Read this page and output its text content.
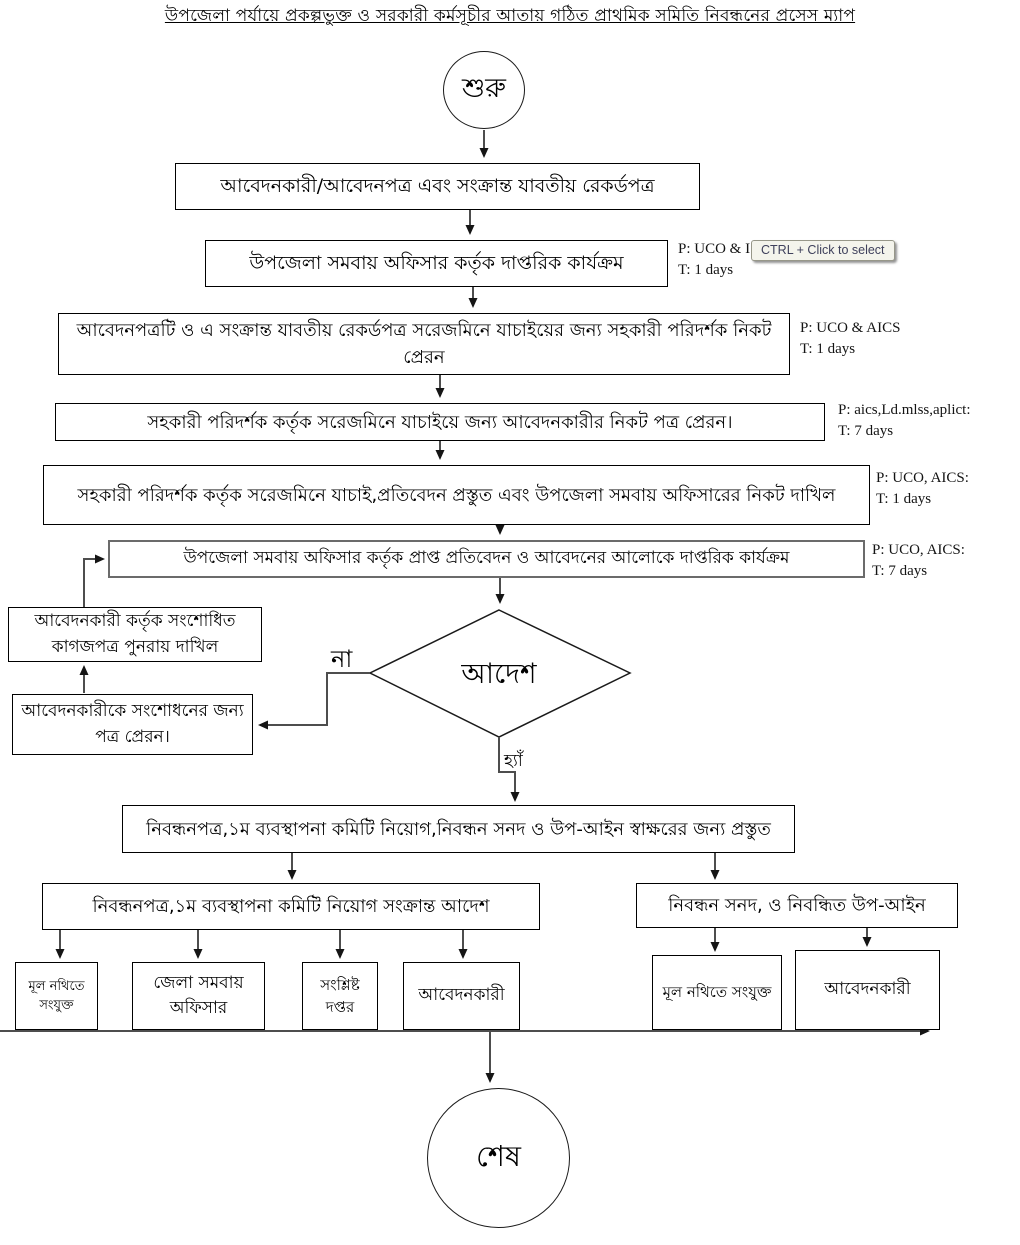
উপজেলা পর্যায়ে প্রকল্পভুক্ত ও সরকারী কর্মসূচীর আতায় গঠিত প্রাথমিক সমিতি নিবন্ধনের প্রসেস ম্যাপ
শুরু
আবেদনকারী/আবেদনপত্র এবং সংক্রান্ত যাবতীয় রেকর্ডপত্র
উপজেলা সমবায় অফিসার কর্তৃক দাপ্তরিক কার্যক্রম
P: UCO & I
T: 1 days
CTRL + Click to select
আবেদনপত্রটি ও এ সংক্রান্ত যাবতীয় রেকর্ডপত্র সরেজমিনে যাচাইয়ের জন্য সহকারী পরিদর্শক নিকট প্রেরন
P: UCO & AICS
T: 1 days
সহকারী পরিদর্শক কর্তৃক সরেজমিনে যাচাইয়ে জন্য আবেদনকারীর নিকট পত্র প্রেরন।
P: aics,Ld.mlss,aplict:
T: 7 days
সহকারী পরিদর্শক কর্তৃক সরেজমিনে যাচাই,প্রতিবেদন প্রস্তুত এবং উপজেলা সমবায় অফিসারের নিকট দাখিল
P: UCO, AICS:
T: 1 days
উপজেলা সমবায় অফিসার কর্তৃক প্রাপ্ত প্রতিবেদন ও আবেদনের আলোকে দাপ্তরিক কার্যক্রম	P: UCO, AICS:
T: 7 days
আবেদনকারী কর্তৃক সংশোধিত কাগজপত্র পুনরায় দাখিল
আবেদনকারীকে সংশোধনের জন্য পত্র প্রেরন।
আদেশ
না
হ্যাঁ
নিবন্ধনপত্র,১ম ব্যবস্থাপনা কমিটি নিয়োগ,নিবন্ধন সনদ ও উপ-আইন স্বাক্ষরের জন্য প্রস্তুত
নিবন্ধনপত্র,১ম ব্যবস্থাপনা কমিটি নিয়োগ সংক্রান্ত আদেশ	নিবন্ধন সনদ, ও নিবন্ধিত উপ-আইন
মূল নথিতে সংযুক্ত
জেলা সমবায় অফিসার
সংশ্লিষ্ট দপ্তর
আবেদনকারী	মূল নথিতে সংযুক্ত	আবেদনকারী
শেষ
